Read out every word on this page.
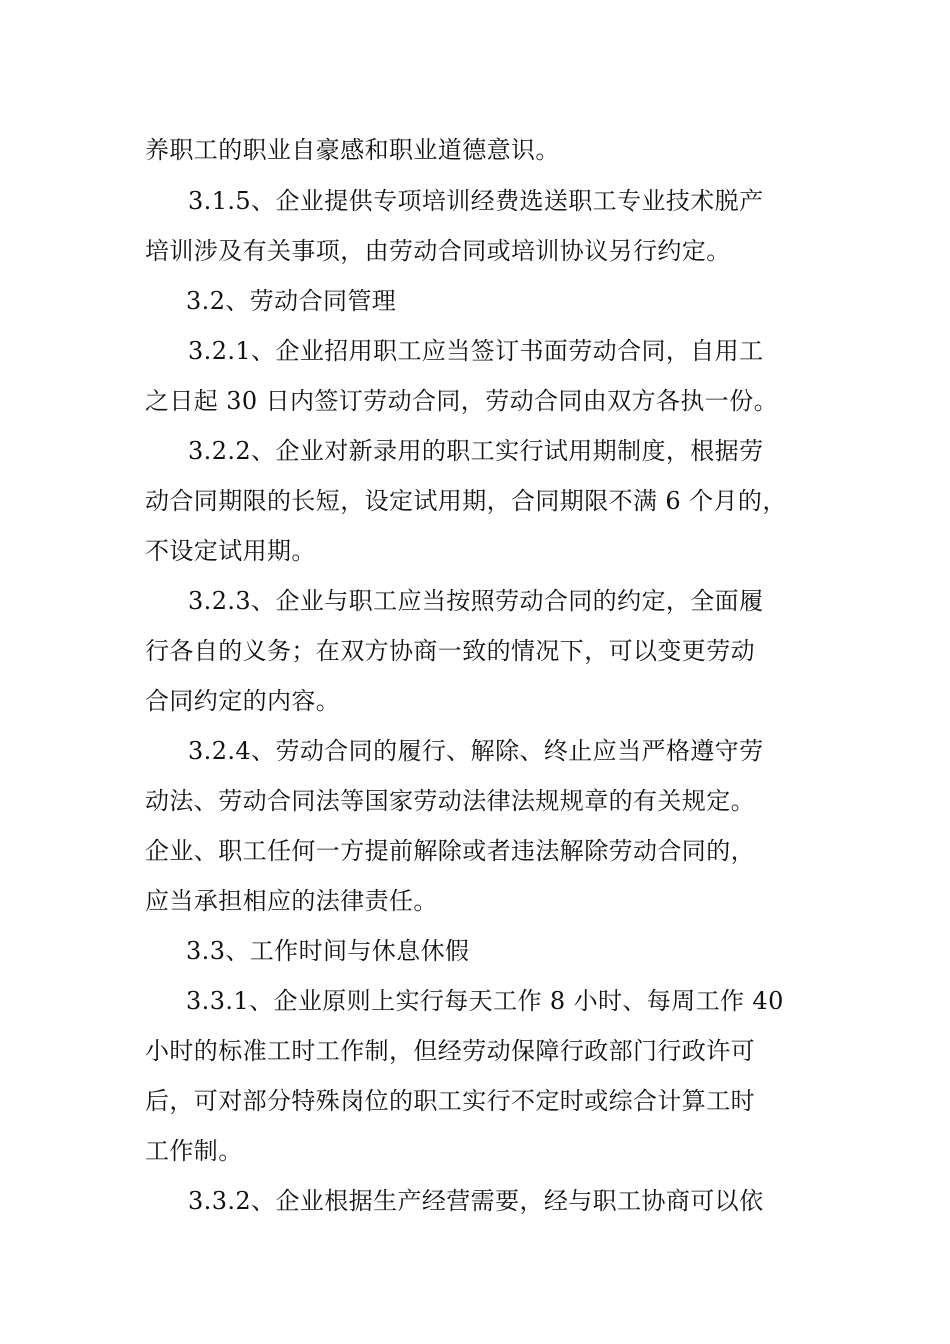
养职工的职业自豪感和职业道德意识。
3.1.5、企业提供专项培训经费选送职工专业技术脱产
培训涉及有关事项，由劳动合同或培训协议另行约定。
3.2、劳动合同管理
3.2.1、企业招用职工应当签订书面劳动合同，自用工
之日起 30 日内签订劳动合同，劳动合同由双方各执一份。
3.2.2、企业对新录用的职工实行试用期制度，根据劳
动合同期限的长短，设定试用期，合同期限不满 6 个月的，
不设定试用期。
3.2.3、企业与职工应当按照劳动合同的约定，全面履
行各自的义务；在双方协商一致的情况下，可以变更劳动
合同约定的内容。
3.2.4、劳动合同的履行、解除、终止应当严格遵守劳
动法、劳动合同法等国家劳动法律法规规章的有关规定。
企业、职工任何一方提前解除或者违法解除劳动合同的，
应当承担相应的法律责任。
3.3、工作时间与休息休假
3.3.1、企业原则上实行每天工作 8 小时、每周工作 40
小时的标准工时工作制，但经劳动保障行政部门行政许可
后，可对部分特殊岗位的职工实行不定时或综合计算工时
工作制。
3.3.2、企业根据生产经营需要，经与职工协商可以依
